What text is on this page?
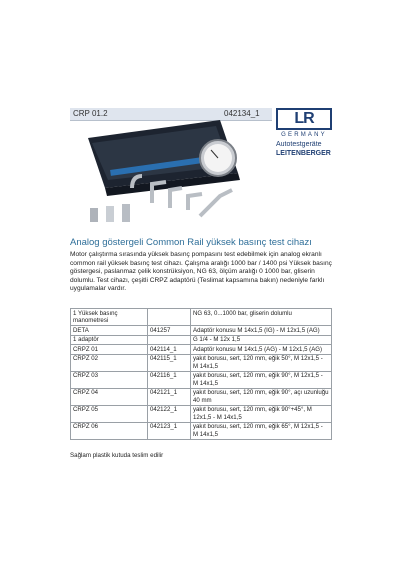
CRP 01.2	042134_1	LR
GERMANY
Autotestgeräte
LEITENBERGER
Analog göstergeli Common Rail yüksek basınç test cihazı
Motor çalıştırma sırasında yüksek basınç pompasını test edebilmek için analog ekranlı common rail yüksek basınç test cihazı. Çalışma aralığı 1000 bar / 1400 psi Yüksek basınç göstergesi, paslanmaz çelik konstrüksiyon, NG 63, ölçüm aralığı 0 1000 bar, gliserin dolumlu. Test cihazı, çeşitli CRPZ adaptörü (Teslimat kapsamına bakın) nedeniyle farklı uygulamalar vardır.
1 Yüksek basınç manometresi		NG 63, 0...1000 bar, gliserin dolumlu
DETA	041257	Adaptör konusu M 14x1,5 (IG) - M 12x1,5 (AG)
1 adaptör		G 1/4 - M 12x 1,5
CRPZ 01	042114_1	Adaptör konusu M 14x1,5 (AG) - M 12x1,5 (AG)
CRPZ 02	042115_1	yakıt borusu, sert, 120 mm, eğik 50°, M 12x1,5 - M 14x1,5
CRPZ 03	042116_1	yakıt borusu, sert, 120 mm, eğik 90°, M 12x1,5 - M 14x1,5
CRPZ 04	042121_1	yakıt borusu, sert, 120 mm, eğik 90°, açı uzunluğu 40 mm
CRPZ 05	042122_1	yakıt borusu, sert, 120 mm, eğik 90°+45°, M 12x1,5 - M 14x1,5
CRPZ 06	042123_1	yakıt borusu, sert, 120 mm, eğik 65°, M 12x1,5 - M 14x1,5
Sağlam plastik kutuda teslim edilir
